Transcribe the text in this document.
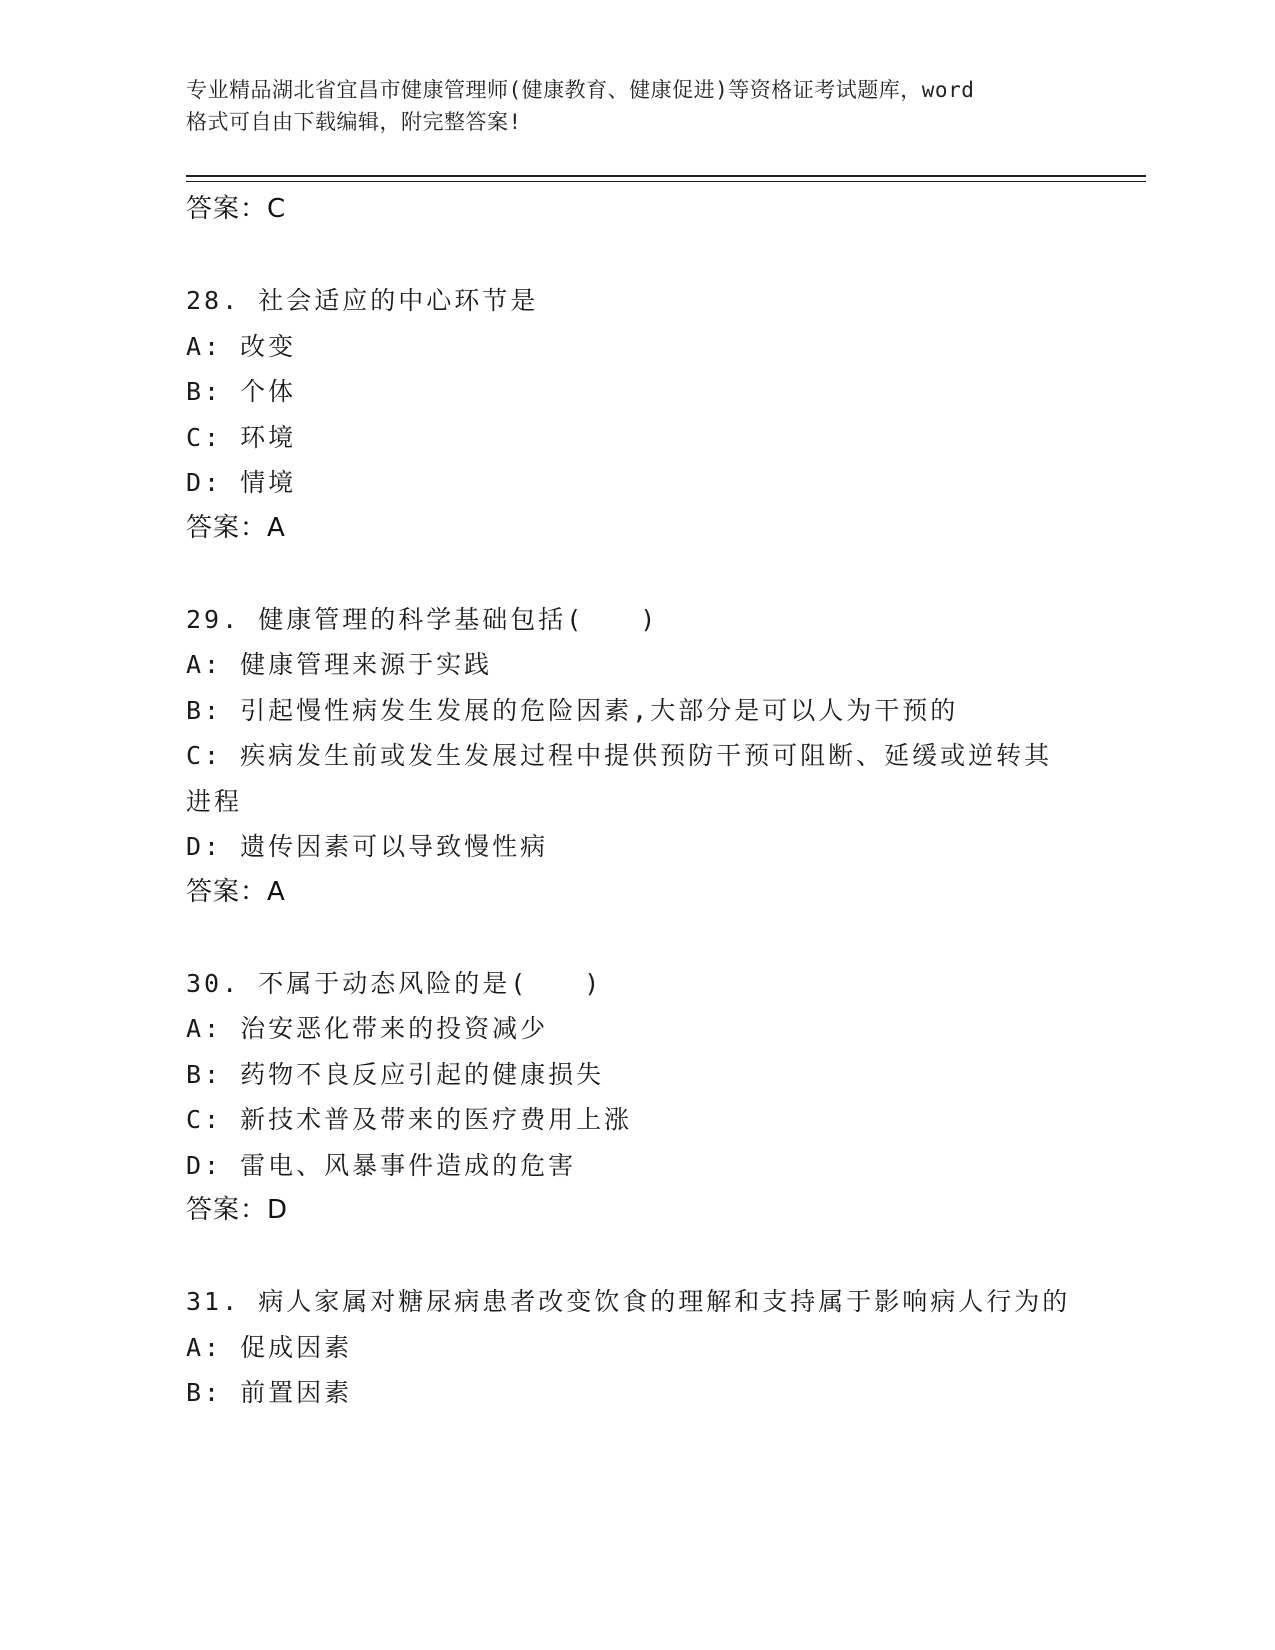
专业精品湖北省宜昌市健康管理师(健康教育、健康促进)等资格证考试题库，word
格式可自由下载编辑，附完整答案!
答案：C
28. 社会适应的中心环节是
A: 改变
B: 个体
C: 环境
D: 情境
答案：A
29. 健康管理的科学基础包括(　　)
A: 健康管理来源于实践
B: 引起慢性病发生发展的危险因素,大部分是可以人为干预的
C: 疾病发生前或发生发展过程中提供预防干预可阻断、延缓或逆转其进程
D: 遗传因素可以导致慢性病
答案：A
30. 不属于动态风险的是(　　)
A: 治安恶化带来的投资减少
B: 药物不良反应引起的健康损失
C: 新技术普及带来的医疗费用上涨
D: 雷电、风暴事件造成的危害
答案：D
31. 病人家属对糖尿病患者改变饮食的理解和支持属于影响病人行为的
A: 促成因素
B: 前置因素
